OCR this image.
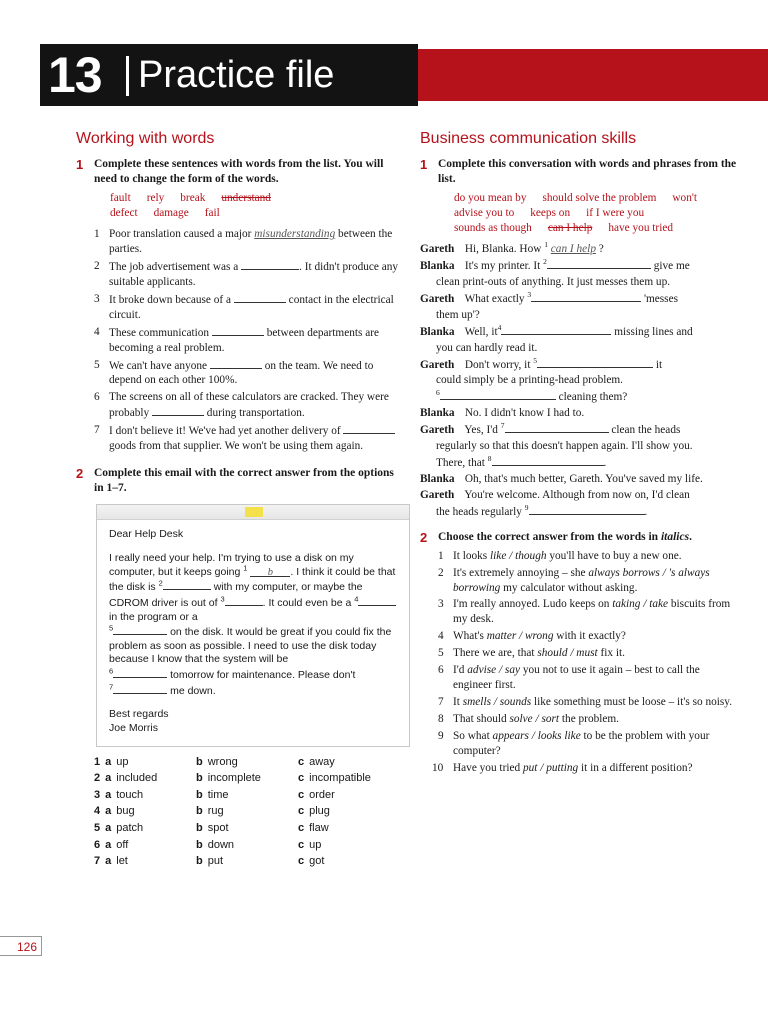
13 Practice file
Working with words
1 Complete these sentences with words from the list. You will need to change the form of the words.
fault rely break understand
defect damage fail
1 Poor translation caused a major misunderstanding between the parties.
2 The job advertisement was a	. It didn't produce any suitable applicants.
3 It broke down because of a	contact in the electrical circuit.
4 These communication	between departments are becoming a real problem.
5 We can't have anyone	on the team. We need to depend on each other 100%.
6 The screens on all of these calculators are cracked. They were probably	during transportation.
7 I don't believe it! We've had yet another delivery of  goods from that supplier. We won't be using them again.
2 Complete this email with the correct answer from the options in 1–7.

Dear Help Desk

I really need your help. I'm trying to use a disk on my computer, but it keeps going $^1$ b . I think it could be that the disk is $^2$	with my computer, or maybe the CDROM driver is out of $^3$	. It could even be a $^4$ in the program or a
$^5$	on the disk. It would be great if you could fix the problem as soon as possible. I need to use the disk today because I know that the system will be
$^6$	tomorrow for maintenance. Please don't
$^7$	me down.

Best regards
Joe Morris

1 a up	b wrong	c away
2 a included	b incomplete	c incompatible
3 a touch	b time	c order
4 a bug	b rug	c plug
5 a patch	b spot	c flaw
6 a off	b down	c up
7 a let	b put	c got
Business communication skills
1 Complete this conversation with words and phrases from the list.
do you mean by should solve the problem won't
advise you to keeps on if I were you
sounds as though can I help have you tried
Gareth Hi, Blanka. How $^1$ can I help ?
Blanka It's my printer. It $^2$	give me
clean print-outs of anything. It just messes them up.
Gareth What exactly $^3$	'messes
them up'?
Blanka Well, $it^4$	missing lines and
you can hardly read it.
Gareth Don't worry, it $^5$	it
could simply be a printing-head problem.
$^6$	cleaning them?
Blanka No. I didn't know I had to.
Gareth Yes, I'd $^7$	clean the heads
regularly so that this doesn't happen again. I'll show you.
There, that $^8$	.
Blanka Oh, that's much better, Gareth. You've saved my life.
Gareth You're welcome. Although from now on, I'd clean
the heads regularly $^9$	.
2 Choose the correct answer from the words in italics.
1 It looks like / though you'll have to buy a new one.
2 It's extremely annoying – she always borrows / 's always borrowing my calculator without asking.
3 I'm really annoyed. Ludo keeps on taking / take biscuits from my desk.
4 What's matter / wrong with it exactly?
5 There we are, that should / must fix it.
6 I'd advise / say you not to use it again – best to call the engineer first.
7 It smells / sounds like something must be loose – it's so noisy.
8 That should solve / sort the problem.
9 So what appears / looks like to be the problem with your computer?
10 Have you tried put / putting it in a different position?
126
